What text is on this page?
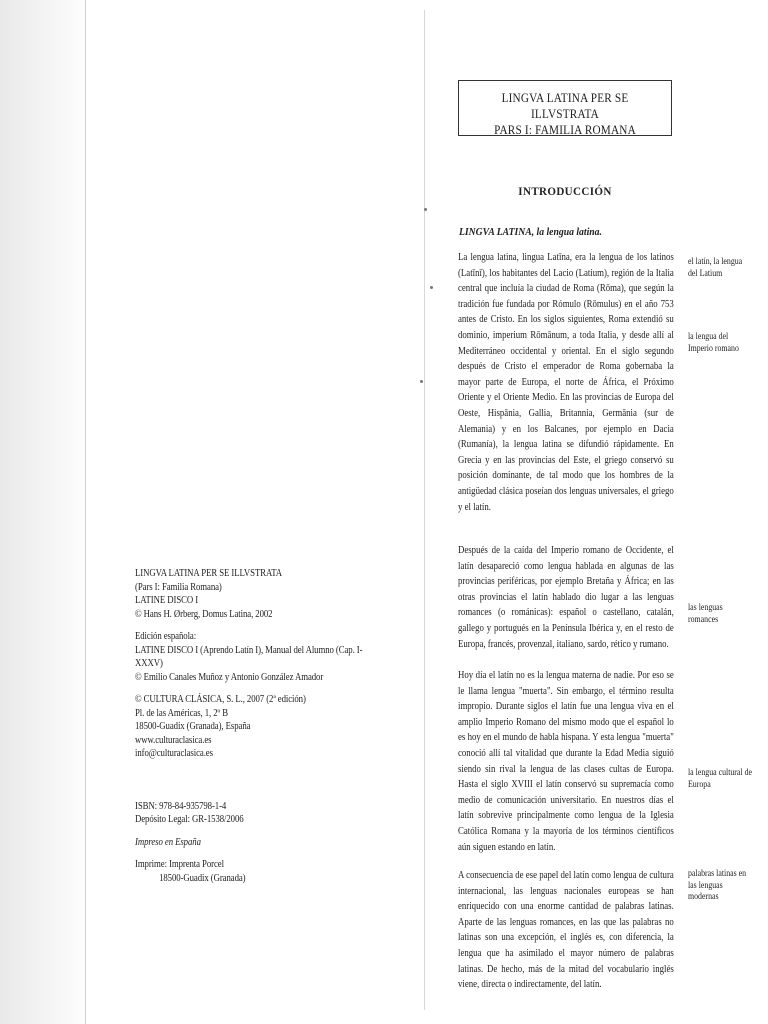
LINGVA LATINA PER SE ILLVSTRATA

(Pars I: Familia Romana)

LATINE DISCO I

© Hans H. Ørberg, Domus Latina, 2002

Edición española:

LATINE DISCO I (Aprendo Latín I), Manual del Alumno (Cap. I-XXXV)

© Emilio Canales Muñoz y Antonio González Amador

© CULTURA CLÁSICA, S. L., 2007 (2ª edición)

Pl. de las Américas, 1, 2º B

18500-Guadix (Granada), España

www.culturaclasica.es

info@culturaclasica.es

ISBN: 978-84-935798-1-4

Depósito Legal: GR-1538/2006

Impreso en España

Imprime: Imprenta Porcel

18500-Guadix (Granada)

LINGVA LATINA PER SE ILLVSTRATA
PARS I: FAMILIA ROMANA
INTRODUCCIÓN
LINGVA LATINA, la lengua latina.

La lengua latina, lingua Latīna, era la lengua de los latinos (Latīnī), los habitantes del Lacio (Latium), región de la Italia central que incluía la ciudad de Roma (Rōma), que según la tradición fue fundada por Rómulo (Rōmulus) en el año 753 antes de Cristo. En los siglos siguientes, Roma extendió su dominio, imperium Rōmānum, a toda Italia, y desde allí al Mediterráneo occidental y oriental. En el siglo segundo después de Cristo el emperador de Roma gobernaba la mayor parte de Europa, el norte de África, el Próximo Oriente y el Oriente Medio. En las provincias de Europa del Oeste, Hispānia, Gallia, Britannia, Germānia (sur de Alemania) y en los Balcanes, por ejemplo en Dacia (Rumanía), la lengua latina se difundió rápidamente. En Grecia y en las provincias del Este, el griego conservó su posición dominante, de tal modo que los hombres de la antigüedad clásica poseían dos lenguas universales, el griego y el latín.

Después de la caída del Imperio romano de Occidente, el latín desapareció como lengua hablada en algunas de las provincias periféricas, por ejemplo Bretaña y África; en las otras provincias el latín hablado dio lugar a las lenguas romances (o románicas): español o castellano, catalán, gallego y portugués en la Península Ibérica y, en el resto de Europa, francés, provenzal, italiano, sardo, rético y rumano.

Hoy día el latín no es la lengua materna de nadie. Por eso se le llama lengua "muerta". Sin embargo, el término resulta impropio. Durante siglos el latín fue una lengua viva en el amplio Imperio Romano del mismo modo que el español lo es hoy en el mundo de habla hispana. Y esta lengua "muerta" conoció allí tal vitalidad que durante la Edad Media siguió siendo sin rival la lengua de las clases cultas de Europa. Hasta el siglo XVIII el latín conservó su supremacía como medio de comunicación universitario. En nuestros días el latín sobrevive principalmente como lengua de la Iglesia Católica Romana y la mayoría de los términos científicos aún siguen estando en latín.

A consecuencia de ese papel del latín como lengua de cultura internacional, las lenguas nacionales europeas se han enriquecido con una enorme cantidad de palabras latinas. Aparte de las lenguas romances, en las que las palabras no latinas son una excepción, el inglés es, con diferencia, la lengua que ha asimilado el mayor número de palabras latinas. De hecho, más de la mitad del vocabulario inglés viene, directa o indirectamente, del latín.

el latín, la lengua del Latium
la lengua del Imperio romano
las lenguas romances
la lengua cultural de Europa
palabras latinas en las lenguas modernas
